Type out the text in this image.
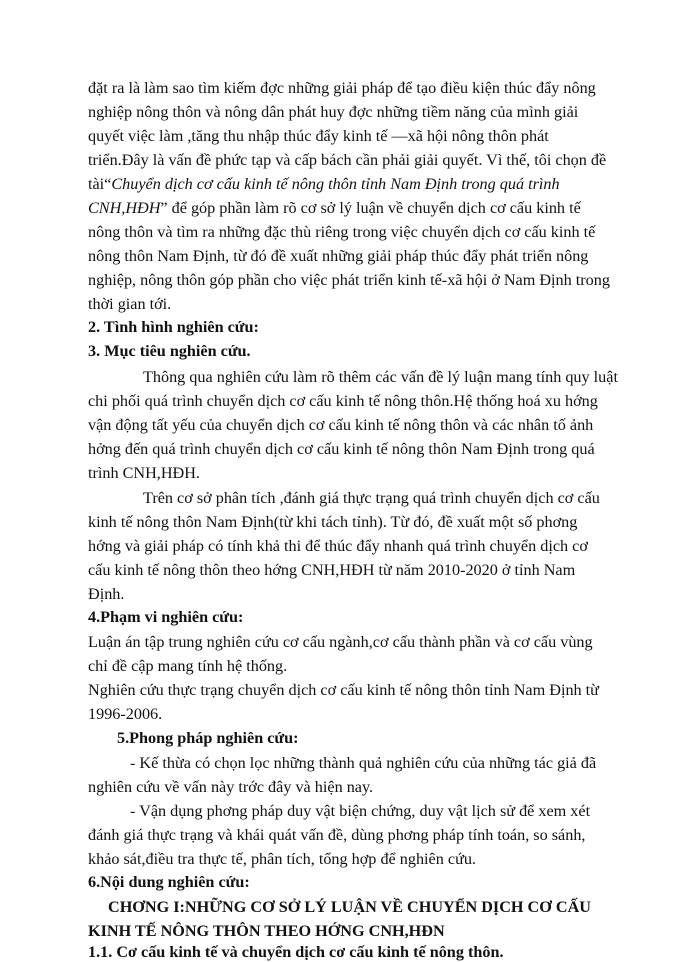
đặt ra là làm sao tìm kiếm đợc những giải pháp để tạo điều kiện thúc đẩy nông
nghiệp nông thôn và nông dân phát huy đợc những tiềm năng của mình giải
quyết việc làm ,tăng thu nhập thúc đẩy kinh tế —xã hội nông thôn phát
triển.Đây là vấn đề phức tạp và cấp bách cần phải giải quyết. Vì thế, tôi chọn đề
tài“Chuyển dịch cơ cấu kinh tế nông thôn tỉnh Nam Định trong quá trình
CNH,HĐH” để góp phần làm rõ cơ sở lý luận về chuyển dịch cơ cấu kinh tế
nông thôn và tìm ra những đặc thù riêng trong việc chuyển dịch cơ cấu kinh tế
nông thôn Nam Định, từ đó đề xuất những giải pháp thúc đẩy phát triển nông
nghiệp, nông thôn góp phần cho việc phát triển kinh tế-xã hội ở Nam Định trong
thời gian tới.
2. Tình hình nghiên cứu:
3. Mục tiêu nghiên cứu.
Thông qua nghiên cứu làm rõ thêm các vấn đề lý luận mang tính quy luật
chi phối quá trình chuyển dịch cơ cấu kinh tế nông thôn.Hệ thống hoá xu hớng
vận động tất yếu của chuyển dịch cơ cấu kinh tế nông thôn và các nhân tố ảnh
hởng đến quá trình chuyển dịch cơ cấu kinh tế nông thôn Nam Định trong quá
trình CNH,HĐH.
Trên cơ sở phân tích ,đánh giá thực trạng quá trình chuyển dịch cơ cấu
kinh tế nông thôn Nam Định(từ khi tách tỉnh). Từ đó, đề xuất một số phơng
hớng và giải pháp có tính khả thi để thúc đẩy nhanh quá trình chuyển dịch cơ
cấu kinh tế nông thôn theo hớng CNH,HĐH từ năm 2010-2020 ở tỉnh Nam
Định.
4.Phạm vi nghiên cứu:
Luận án tập trung nghiên cứu cơ cấu ngành,cơ cấu thành phần và cơ cấu vùng
chỉ đề cập mang tính hệ thống.
Nghiên cứu thực trạng chuyển dịch cơ cấu kinh tế nông thôn tỉnh Nam Định từ
1996-2006.
5.Phong pháp nghiên cứu:
- Kế thừa có chọn lọc những thành quả nghiên cứu của những tác giả đã
nghiên cứu về vấn này trớc đây và hiện nay.
- Vận dụng phơng pháp duy vật biện chứng, duy vật lịch sử để xem xét
đánh giá thực trạng và khái quát vấn đề, dùng phơng pháp tính toán, so sánh,
khảo sát,điều tra thực tế, phân tích, tổng hợp để nghiên cứu.
6.Nội dung nghiên cứu:
CHƠNG I:NHỮNG CƠ SỞ LÝ LUẬN VỀ CHUYỂN DỊCH CƠ CẤU
KINH TẾ NÔNG THÔN THEO HỚNG CNH,HĐN
1.1. Cơ cấu kinh tế và chuyển dịch cơ cấu kinh tế nông thôn.
